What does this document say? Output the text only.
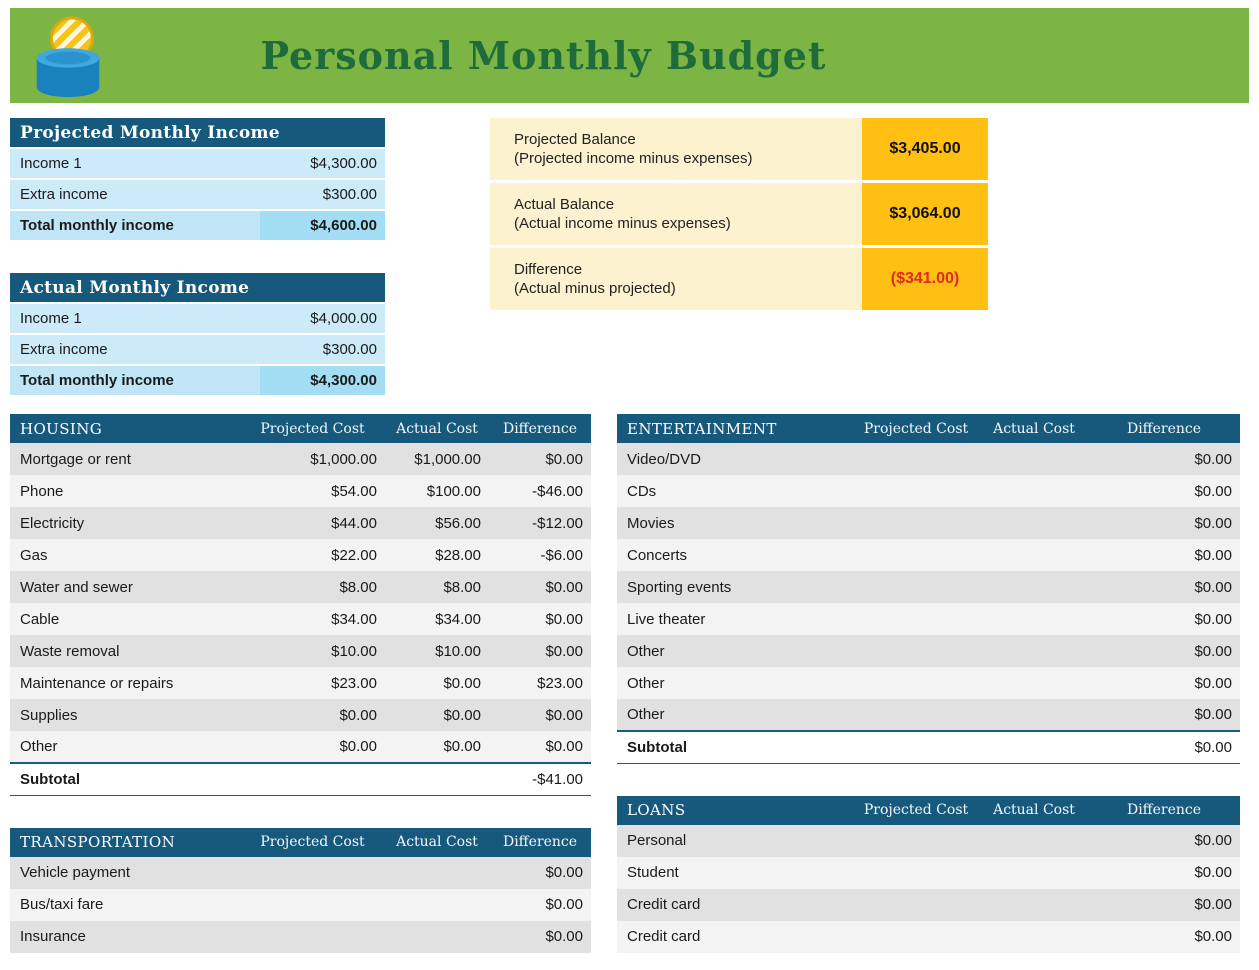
Personal Monthly Budget
Projected Monthly Income	
Income 1	$4,300.00
Extra income	$300.00
Total monthly income	$4,600.00
Actual Monthly Income	
Income 1	$4,000.00
Extra income	$300.00
Total monthly income	$4,300.00
Projected Balance
(Projected income minus expenses)
$3,405.00
Actual Balance
(Actual income minus expenses)
$3,064.00
Difference
(Actual minus projected)
($341.00)
HOUSING	Projected Cost	Actual Cost	Difference
Mortgage or rent	$1,000.00	$1,000.00	$0.00
Phone	$54.00	$100.00	-$46.00
Electricity	$44.00	$56.00	-$12.00
Gas	$22.00	$28.00	-$6.00
Water and sewer	$8.00	$8.00	$0.00
Cable	$34.00	$34.00	$0.00
Waste removal	$10.00	$10.00	$0.00
Maintenance or repairs	$23.00	$0.00	$23.00
Supplies	$0.00	$0.00	$0.00
Other	$0.00	$0.00	$0.00
Subtotal			-$41.00
TRANSPORTATION	Projected Cost	Actual Cost	Difference
Vehicle payment			$0.00
Bus/taxi fare			$0.00
Insurance			$0.00
ENTERTAINMENT	Projected Cost	Actual Cost	Difference
Video/DVD			$0.00
CDs			$0.00
Movies			$0.00
Concerts			$0.00
Sporting events			$0.00
Live theater			$0.00
Other			$0.00
Other			$0.00
Other			$0.00
Subtotal			$0.00
LOANS	Projected Cost	Actual Cost	Difference
Personal			$0.00
Student			$0.00
Credit card			$0.00
Credit card			$0.00
